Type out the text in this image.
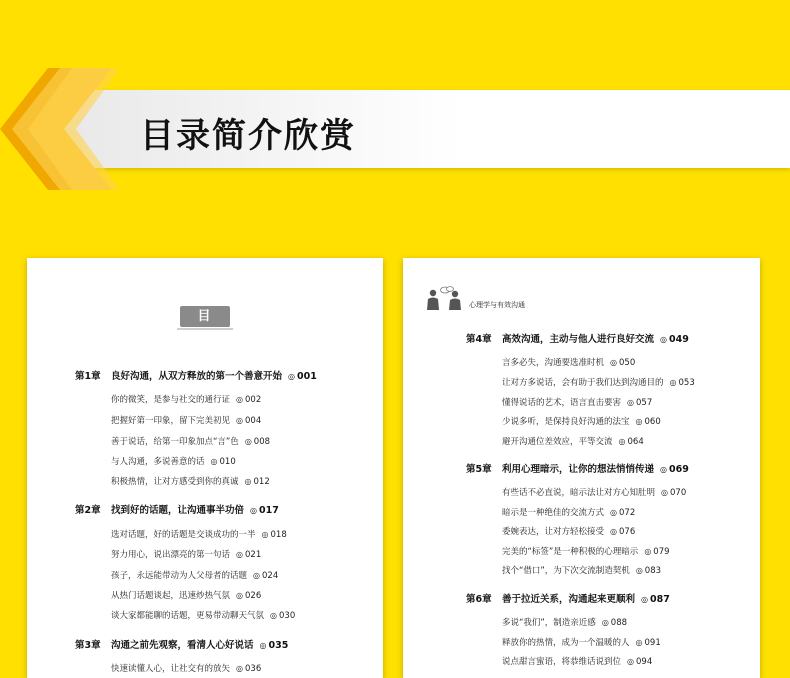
目录简介欣赏
目 录
第1章 良好沟通，从双方释放的第一个善意开始 ◎ 001
你的微笑，是参与社交的通行证 ◎ 002
把握好第一印象，留下完美初见 ◎ 004
善于说话，给第一印象加点“言”色 ◎ 008
与人沟通，多说善意的话 ◎ 010
积极热情，让对方感受到你的真诚 ◎ 012
第2章 找到好的话题，让沟通事半功倍 ◎ 017
选对话题，好的话题是交谈成功的一半 ◎ 018
努力用心，说出漂亮的第一句话 ◎ 021
孩子，永远能带动为人父母者的话题 ◎ 024
从热门话题谈起，迅速炒热气氛 ◎ 026
谈大家都能聊的话题，更易带动聊天气氛 ◎ 030
第3章 沟通之前先观察，看清人心好说话 ◎ 035
快速读懂人心，让社交有的放矢 ◎ 036
心理学与有效沟通
第4章 高效沟通，主动与他人进行良好交流 ◎ 049
言多必失，沟通要选准时机 ◎ 050
让对方多说话，会有助于我们达到沟通目的 ◎ 053
懂得说话的艺术，语言直击要害 ◎ 057
少说多听，是保持良好沟通的法宝 ◎ 060
避开沟通位差效应，平等交流 ◎ 064
第5章 利用心理暗示，让你的想法悄悄传递 ◎ 069
有些话不必直说，暗示法让对方心知肚明 ◎ 070
暗示是一种绝佳的交流方式 ◎ 072
委婉表达，让对方轻松接受 ◎ 076
完美的“标签”是一种积极的心理暗示 ◎ 079
找个“借口”，为下次交流制造契机 ◎ 083
第6章 善于拉近关系，沟通起来更顺利 ◎ 087
多说“我们”，制造亲近感 ◎ 088
释放你的热情，成为一个温暖的人 ◎ 091
说点甜言蜜语，将恭维话说到位 ◎ 094
